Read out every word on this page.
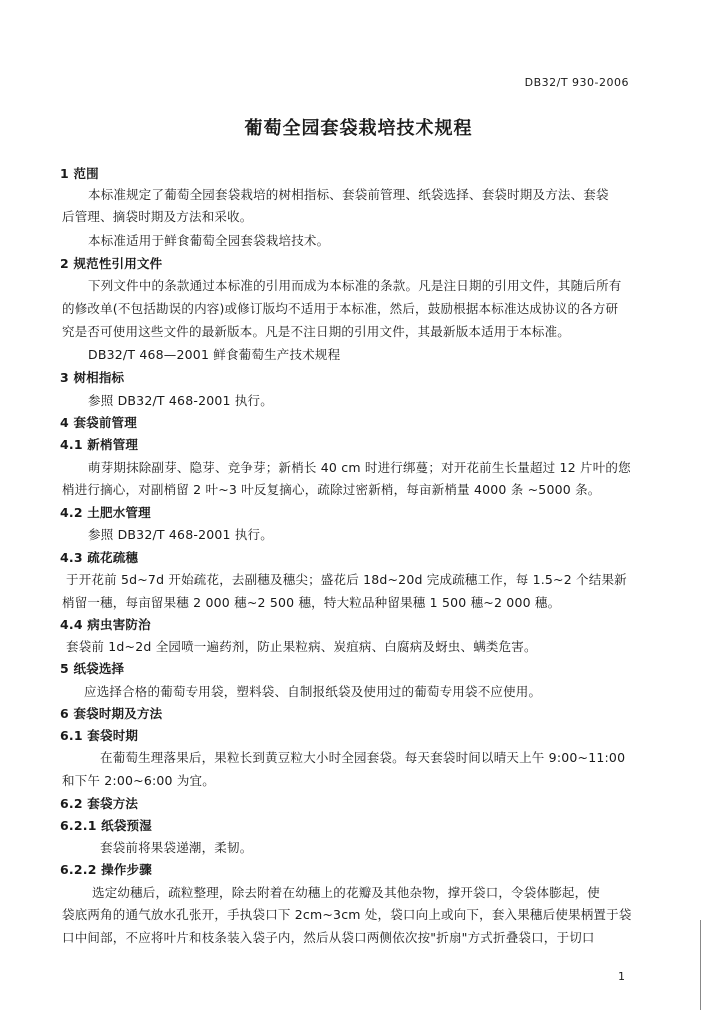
DB32/T 930-2006
葡萄全园套袋栽培技术规程
1 范围
本标准规定了葡萄全园套袋栽培的树相指标、套袋前管理、纸袋选择、套袋时期及方法、套袋
后管理、摘袋时期及方法和采收。
本标准适用于鲜食葡萄全园套袋栽培技术。
2 规范性引用文件
下列文件中的条款通过本标准的引用而成为本标准的条款。凡是注日期的引用文件，其随后所有
的修改单(不包括勘误的内容)或修订版均不适用于本标准，然后，鼓励根据本标准达成协议的各方研
究是否可使用这些文件的最新版本。凡是不注日期的引用文件，其最新版本适用于本标准。
DB32/T 468—2001 鲜食葡萄生产技术规程
3 树相指标
参照 DB32/T 468-2001 执行。
4 套袋前管理
4.1 新梢管理
萌芽期抹除副芽、隐芽、竞争芽；新梢长 40 cm 时进行绑蔓；对开花前生长量超过 12 片叶的您
梢进行摘心，对副梢留 2 叶~3 叶反复摘心，疏除过密新梢，每亩新梢量 4000 条 ~5000 条。
4.2 土肥水管理
参照 DB32/T 468-2001 执行。
4.3 疏花疏穗
于开花前 5d~7d 开始疏花，去副穗及穗尖；盛花后 18d~20d 完成疏穗工作，每 1.5~2 个结果新
梢留一穗，每亩留果穗 2 000 穗~2 500 穗，特大粒品种留果穗 1 500 穗~2 000 穗。
4.4 病虫害防治
套袋前 1d~2d 全园喷一遍药剂，防止果粒病、炭疽病、白腐病及蚜虫、螨类危害。
5 纸袋选择
应选择合格的葡萄专用袋，塑料袋、自制报纸袋及使用过的葡萄专用袋不应使用。
6 套袋时期及方法
6.1 套袋时期
在葡萄生理落果后，果粒长到黄豆粒大小时全园套袋。每天套袋时间以晴天上午 9:00~11:00
和下午 2:00~6:00 为宜。
6.2 套袋方法
6.2.1 纸袋预湿
套袋前将果袋递潮，柔韧。
6.2.2 操作步骤
选定幼穗后，疏粒整理，除去附着在幼穗上的花瓣及其他杂物，撑开袋口，令袋体膨起，使
袋底两角的通气放水孔张开，手执袋口下 2cm~3cm 处，袋口向上或向下，套入果穗后使果柄置于袋
口中间部，不应将叶片和枝条装入袋子内，然后从袋口两侧依次按"折扇"方式折叠袋口，于切口
1
